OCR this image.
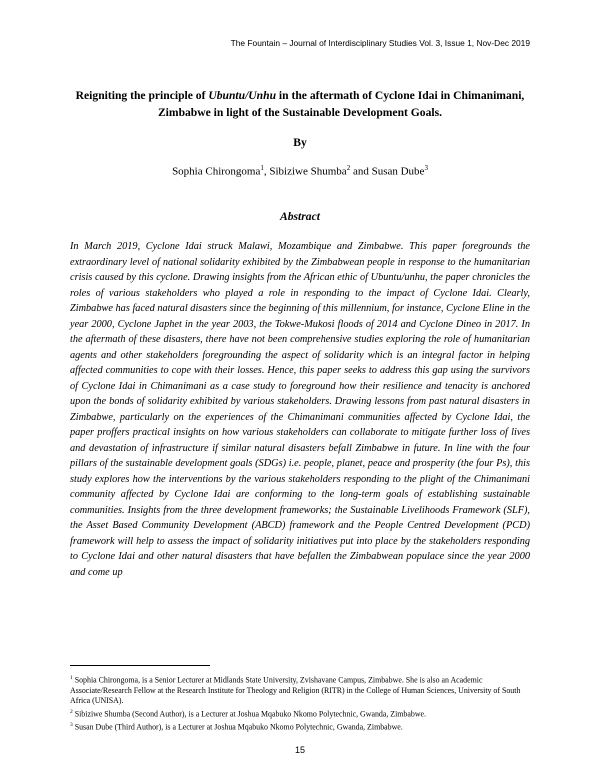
The Fountain – Journal of Interdisciplinary Studies Vol. 3, Issue 1, Nov-Dec 2019
Reigniting the principle of Ubuntu/Unhu in the aftermath of Cyclone Idai in Chimanimani, Zimbabwe in light of the Sustainable Development Goals.
By
Sophia Chirongoma$^1$, Sibiziwe Shumba$^2$ and Susan Dube$^3$
Abstract

In March 2019, Cyclone Idai struck Malawi, Mozambique and Zimbabwe. This paper foregrounds the extraordinary level of national solidarity exhibited by the Zimbabwean people in response to the humanitarian crisis caused by this cyclone. Drawing insights from the African ethic of Ubuntu/unhu, the paper chronicles the roles of various stakeholders who played a role in responding to the impact of Cyclone Idai. Clearly, Zimbabwe has faced natural disasters since the beginning of this millennium, for instance, Cyclone Eline in the year 2000, Cyclone Japhet in the year 2003, the Tokwe-Mukosi floods of 2014 and Cyclone Dineo in 2017. In the aftermath of these disasters, there have not been comprehensive studies exploring the role of humanitarian agents and other stakeholders foregrounding the aspect of solidarity which is an integral factor in helping affected communities to cope with their losses. Hence, this paper seeks to address this gap using the survivors of Cyclone Idai in Chimanimani as a case study to foreground how their resilience and tenacity is anchored upon the bonds of solidarity exhibited by various stakeholders. Drawing lessons from past natural disasters in Zimbabwe, particularly on the experiences of the Chimanimani communities affected by Cyclone Idai, the paper proffers practical insights on how various stakeholders can collaborate to mitigate further loss of lives and devastation of infrastructure if similar natural disasters befall Zimbabwe in future. In line with the four pillars of the sustainable development goals (SDGs) i.e. people, planet, peace and prosperity (the four Ps), this study explores how the interventions by the various stakeholders responding to the plight of the Chimanimani community affected by Cyclone Idai are conforming to the long-term goals of establishing sustainable communities. Insights from the three development frameworks; the Sustainable Livelihoods Framework (SLF), the Asset Based Community Development (ABCD) framework and the People Centred Development (PCD) framework will help to assess the impact of solidarity initiatives put into place by the stakeholders responding to Cyclone Idai and other natural disasters that have befallen the Zimbabwean populace since the year 2000 and come up

$^1$ Sophia Chirongoma, is a Senior Lecturer at Midlands State University, Zvishavane Campus, Zimbabwe. She is also an Academic Associate/Research Fellow at the Research Institute for Theology and Religion (RITR) in the College of Human Sciences, University of South Africa (UNISA).

$^2$ Sibiziwe Shumba (Second Author), is a Lecturer at Joshua Mqabuko Nkomo Polytechnic, Gwanda, Zimbabwe.

$^3$ Susan Dube (Third Author), is a Lecturer at Joshua Mqabuko Nkomo Polytechnic, Gwanda, Zimbabwe.

15
